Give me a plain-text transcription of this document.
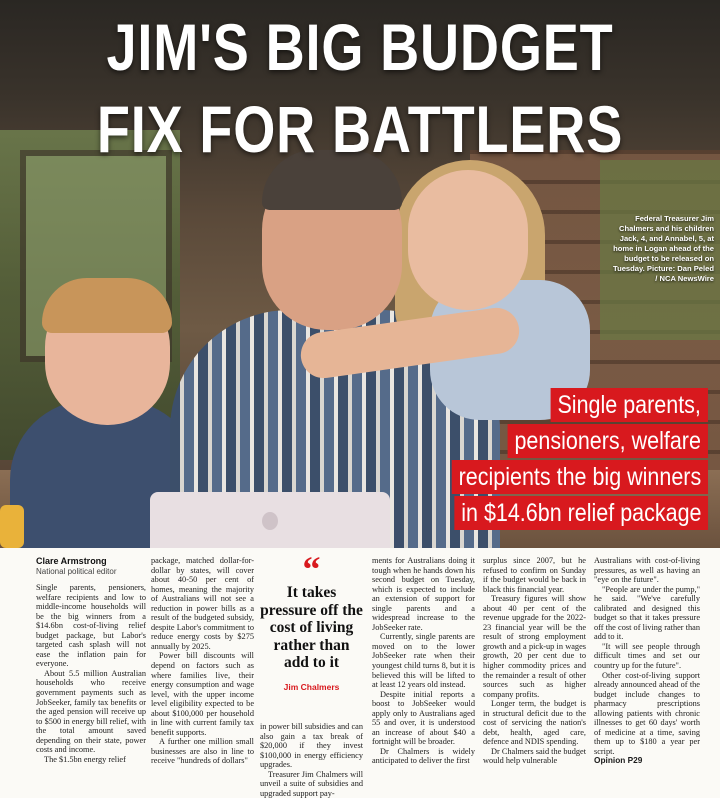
JIM'S BIG BUDGET
FIX FOR BATTLERS
Federal Treasurer Jim
Chalmers and his children
Jack, 4, and Annabel, 5, at
home in Logan ahead of the
budget to be released on
Tuesday. Picture: Dan Peled
/ NCA NewsWire
Single parents,
pensioners, welfare
recipients the big winners
in $14.6bn relief package
Clare Armstrong
National political editor

Single parents, pensioners, welfare recipients and low to middle-income households will be the big winners from a $14.6bn cost-of-living relief budget package, but Labor's targeted cash splash will not ease the inflation pain for everyone.

About 5.5 million Australian households who receive government payments such as JobSeeker, family tax benefits or the aged pension will receive up to $500 in energy bill relief, with the total amount saved depending on their state, power costs and income.

The $1.5bn energy relief

package, matched dollar-for-dollar by states, will cover about 40-50 per cent of homes, meaning the majority of Australians will not see a reduction in power bills as a result of the budgeted subsidy, despite Labor's commitment to reduce energy costs by $275 annually by 2025.

Power bill discounts will depend on factors such as where families live, their energy consumption and wage level, with the upper income level eligibility expected to be about $100,000 per household in line with current family tax benefit supports.

A further one million small businesses are also in line to receive "hundreds of dollars"

in power bill subsidies and can also gain a tax break of $20,000 if they invest $100,000 in energy efficiency upgrades.

Treasurer Jim Chalmers will unveil a suite of subsidies and upgraded support pay-

ments for Australians doing it tough when he hands down his second budget on Tuesday, which is expected to include an extension of support for single parents and a widespread increase to the JobSeeker rate.

Currently, single parents are moved on to the lower JobSeeker rate when their youngest child turns 8, but it is believed this will be lifted to at least 12 years old instead.

Despite initial reports a boost to JobSeeker would apply only to Australians aged 55 and over, it is understood an increase of about $40 a fortnight will be broader.

Dr Chalmers is widely anticipated to deliver the first

surplus since 2007, but he refused to confirm on Sunday if the budget would be back in black this financial year.

Treasury figures will show about 40 per cent of the revenue upgrade for the 2022-23 financial year will be the result of strong employment growth and a pick-up in wages growth, 20 per cent due to higher commodity prices and the remainder a result of other sources such as higher company profits.

Longer term, the budget is in structural deficit due to the cost of servicing the nation's debt, health, aged care, defence and NDIS spending.

Dr Chalmers said the budget would help vulnerable

Australians with cost-of-living pressures, as well as having an "eye on the future".

"People are under the pump," he said. "We've carefully calibrated and designed this budget so that it takes pressure off the cost of living rather than add to it.

"It will see people through difficult times and set our country up for the future".

Other cost-of-living support already announced ahead of the budget include changes to pharmacy prescriptions allowing patients with chronic illnesses to get 60 days' worth of medicine at a time, saving them up to $180 a year per script.

Opinion P29
“
It takes pressure off the cost of living rather than add to it
Jim Chalmers
